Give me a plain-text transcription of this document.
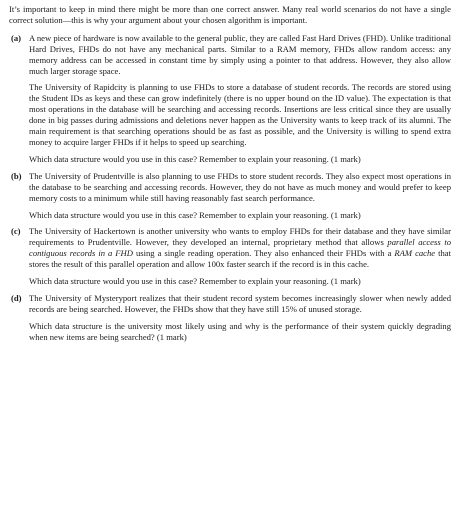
It’s important to keep in mind there might be more than one correct answer. Many real world scenarios do not have a single correct solution—this is why your argument about your chosen algorithm is important.

(a) A new piece of hardware is now available to the general public, they are called Fast Hard Drives (FHD). Unlike traditional Hard Drives, FHDs do not have any mechanical parts. Similar to a RAM memory, FHDs allow random access: any memory address can be accessed in constant time by simply using a pointer to that address. However, they also allow much larger storage space.

The University of Rapidcity is planning to use FHDs to store a database of student records. The records are stored using the Student IDs as keys and these can grow indefinitely (there is no upper bound on the ID value). The expectation is that most operations in the database will be searching and accessing records. Insertions are less critical since they are usually done in big passes during admissions and deletions never happen as the University wants to keep track of its alumni. The main requirement is that searching operations should be as fast as possible, and the University is willing to spend extra money to acquire larger FHDs if it helps to speed up searching.

Which data structure would you use in this case? Remember to explain your reasoning. (1 mark)

(b) The University of Prudentville is also planning to use FHDs to store student records. They also expect most operations in the database to be searching and accessing records. However, they do not have as much money and would prefer to keep memory costs to a minimum while still having reasonably fast search performance.

Which data structure would you use in this case? Remember to explain your reasoning. (1 mark)

(c) The University of Hackertown is another university who wants to employ FHDs for their database and they have similar requirements to Prudentville. However, they developed an internal, proprietary method that allows parallel access to contiguous records in a FHD using a single reading operation. They also enhanced their FHDs with a RAM cache that stores the result of this parallel operation and allow 100x faster search if the record is in this cache.

Which data structure would you use in this case? Remember to explain your reasoning. (1 mark)

(d) The University of Mysteryport realizes that their student record system becomes increasingly slower when newly added records are being searched. However, the FHDs show that they have still 15% of unused storage.

Which data structure is the university most likely using and why is the performance of their system quickly degrading when new items are being searched? (1 mark)
